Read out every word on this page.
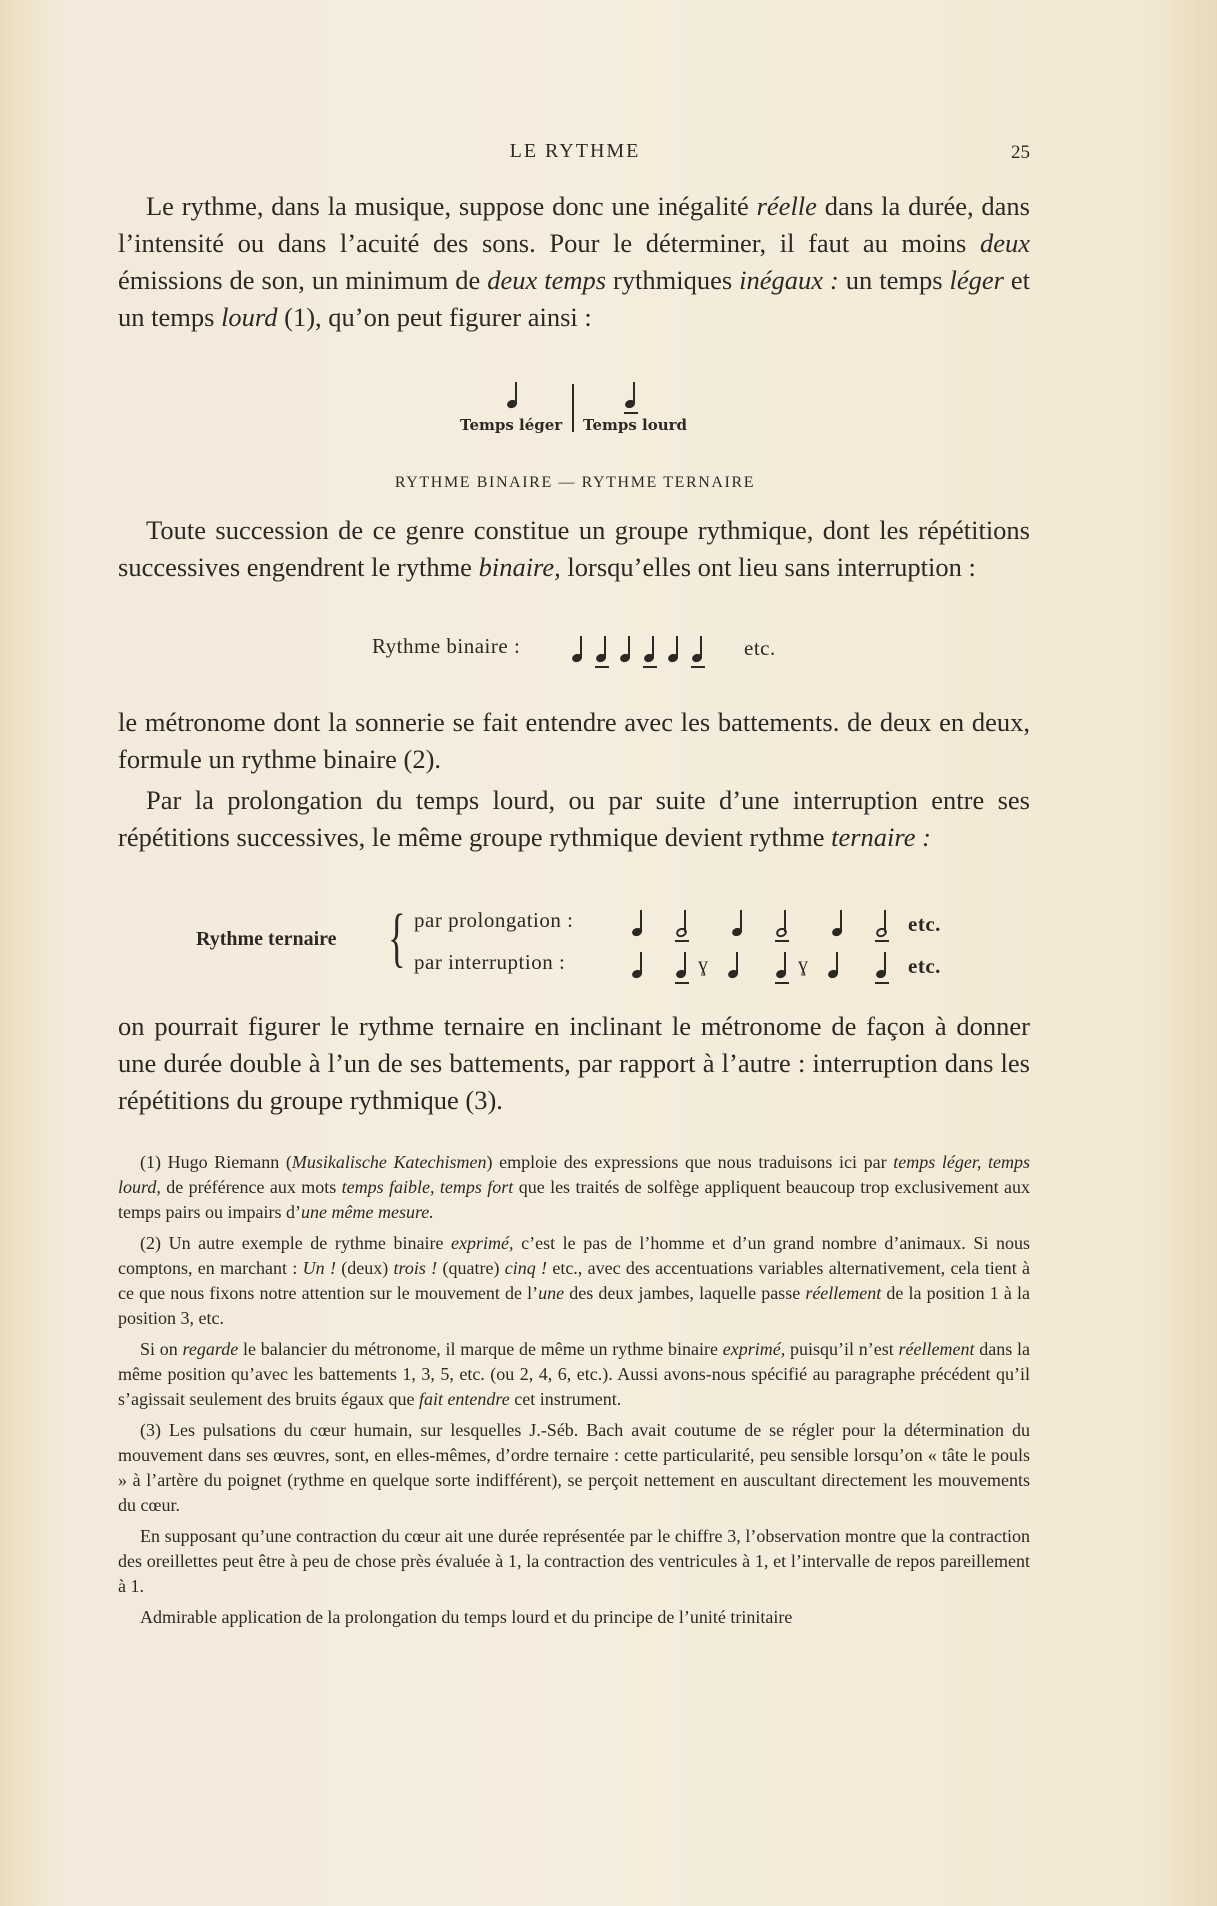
LE RYTHME	25

Le rythme, dans la musique, suppose donc une inégalité réelle dans la durée, dans l’intensité ou dans l’acuité des sons. Pour le déterminer, il faut au moins deux émissions de son, un minimum de deux temps rythmiques inégaux : un temps léger et un temps lourd (1), qu’on peut figurer ainsi :

Temps léger Temps lourd
RYTHME BINAIRE — RYTHME TERNAIRE

Toute succession de ce genre constitue un groupe rythmique, dont les répétitions successives engendrent le rythme binaire, lorsqu’elles ont lieu sans interruption :

Rythme binaire :	etc.

le métronome dont la sonnerie se fait entendre avec les battements. de deux en deux, formule un rythme binaire (2).

Par la prolongation du temps lourd, ou par suite d’une interruption entre ses répétitions successives, le même groupe rythmique devient rythme ternaire :

Rythme ternaire { par prolongation :	etc.
par interruption :	ɣ	ɣ	etc.

on pourrait figurer le rythme ternaire en inclinant le métronome de façon à donner une durée double à l’un de ses battements, par rapport à l’autre : interruption dans les répétitions du groupe rythmique (3).

(1) Hugo Riemann (Musikalische Katechismen) emploie des expressions que nous traduisons ici par temps léger, temps lourd, de préférence aux mots temps faible, temps fort que les traités de solfège appliquent beaucoup trop exclusivement aux temps pairs ou impairs d’une même mesure.

(2) Un autre exemple de rythme binaire exprimé, c’est le pas de l’homme et d’un grand nombre d’animaux. Si nous comptons, en marchant : Un ! (deux) trois ! (quatre) cinq ! etc., avec des accentuations variables alternativement, cela tient à ce que nous fixons notre attention sur le mouvement de l’une des deux jambes, laquelle passe réellement de la position 1 à la position 3, etc.

Si on regarde le balancier du métronome, il marque de même un rythme binaire exprimé, puisqu’il n’est réellement dans la même position qu’avec les battements 1, 3, 5, etc. (ou 2, 4, 6, etc.). Aussi avons-nous spécifié au paragraphe précédent qu’il s’agissait seulement des bruits égaux que fait entendre cet instrument.

(3) Les pulsations du cœur humain, sur lesquelles J.-Séb. Bach avait coutume de se régler pour la détermination du mouvement dans ses œuvres, sont, en elles-mêmes, d’ordre ternaire : cette particularité, peu sensible lorsqu’on « tâte le pouls » à l’artère du poignet (rythme en quelque sorte indifférent), se perçoit nettement en auscultant directement les mouvements du cœur.

En supposant qu’une contraction du cœur ait une durée représentée par le chiffre 3, l’observation montre que la contraction des oreillettes peut être à peu de chose près évaluée à 1, la contraction des ventricules à 1, et l’intervalle de repos pareillement à 1.

Admirable application de la prolongation du temps lourd et du principe de l’unité trinitaire
